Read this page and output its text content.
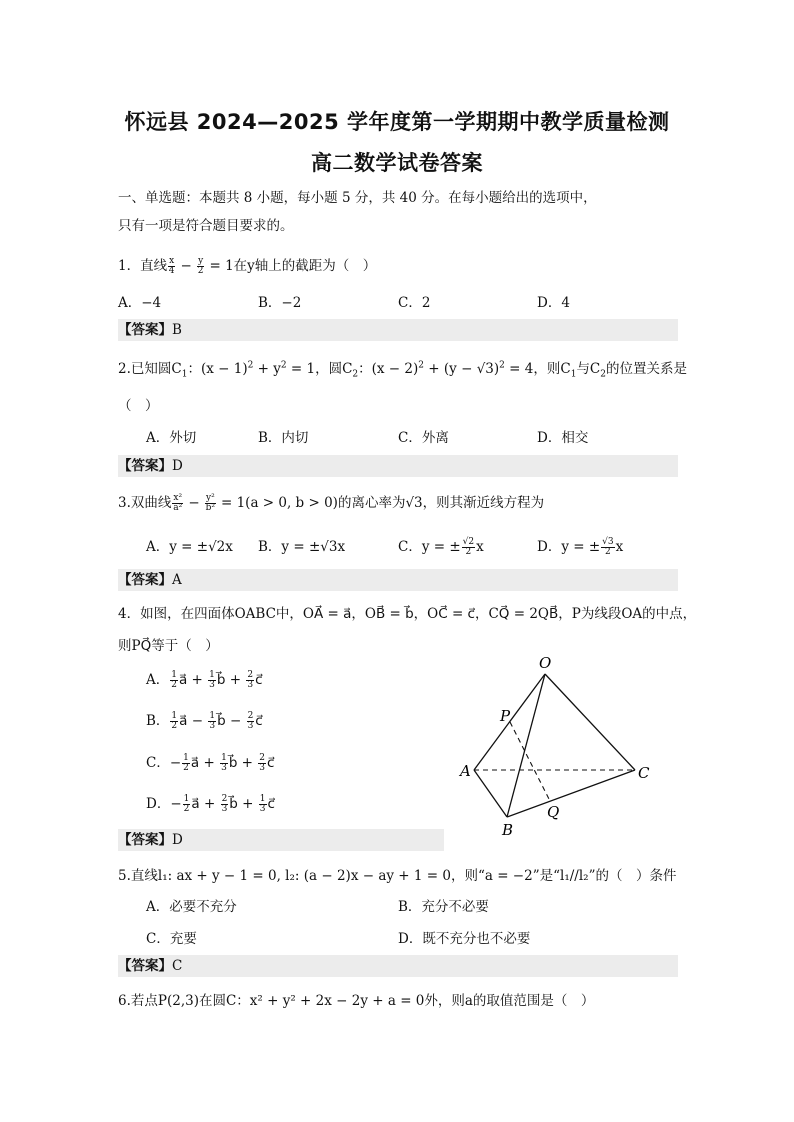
怀远县 2024—2025 学年度第一学期期中教学质量检测
高二数学试卷答案
一、单选题：本题共 8 小题，每小题 5 分，共 40 分。在每小题给出的选项中，
只有一项是符合题目要求的。
1．直线 $\frac{x}{4} - \frac{y}{2} = 1$在y轴上的截距为（　）
A．−4	B．−2	C．2	D．4
【答案】B
2.已知圆$C_1$：$(x - 1)^2 + y^2 = 1$，圆$C_2$：$(x - 2)^2 + (y - √3)^2 = 4$，则$C_1$与$C_2$的位置关系是
（　）
A．外切	B．内切	C．外离	D．相交
【答案】D
3.双曲线 $\frac{\text{x²}}{\text{a²}} - \frac{\text{y²}}{\text{b²}} = 1(a > 0$, b > 0)的离心率为√3，则其渐近线方程为
A．y = ±√2x B．y = ±√3x	C．y = ± $\frac{√2}{2}$ x	D．y = ± $\frac{√3}{2}$ x
【答案】A
4．如图，在四面体OABC中，OA⃗ = a⃗，OB⃗ = b⃗，OC⃗ = c⃗，CQ⃗ = 2QB⃗，P为线段OA的中点，
则PQ⃗等于（　）
A． $\frac{1}{2}$ a⃗ + $\frac{1}{3}$ b⃗ + $\frac{2}{3}$ c⃗
B． $\frac{1}{2}$ a⃗ − $\frac{1}{3}$ b⃗ − $\frac{2}{3}$ c⃗
C．− $\frac{1}{2}$ a⃗ + $\frac{1}{3}$ b⃗ + $\frac{2}{3}$ c⃗
D．− $\frac{1}{2}$ a⃗ + $\frac{2}{3}$ b⃗ + $\frac{1}{3}$ c⃗
O
P
A
B
C
Q
【答案】D
5.直线l₁: ax + y − 1 = 0, l₂: (a − 2)x − ay + 1 = 0，则“a = −2”是“l₁//l₂”的（　）条件
A．必要不充分	B．充分不必要
C．充要	D．既不充分也不必要
【答案】C
6.若点P(2,3)在圆C：x² + y² + 2x − 2y + a = 0外，则a的取值范围是（　）
